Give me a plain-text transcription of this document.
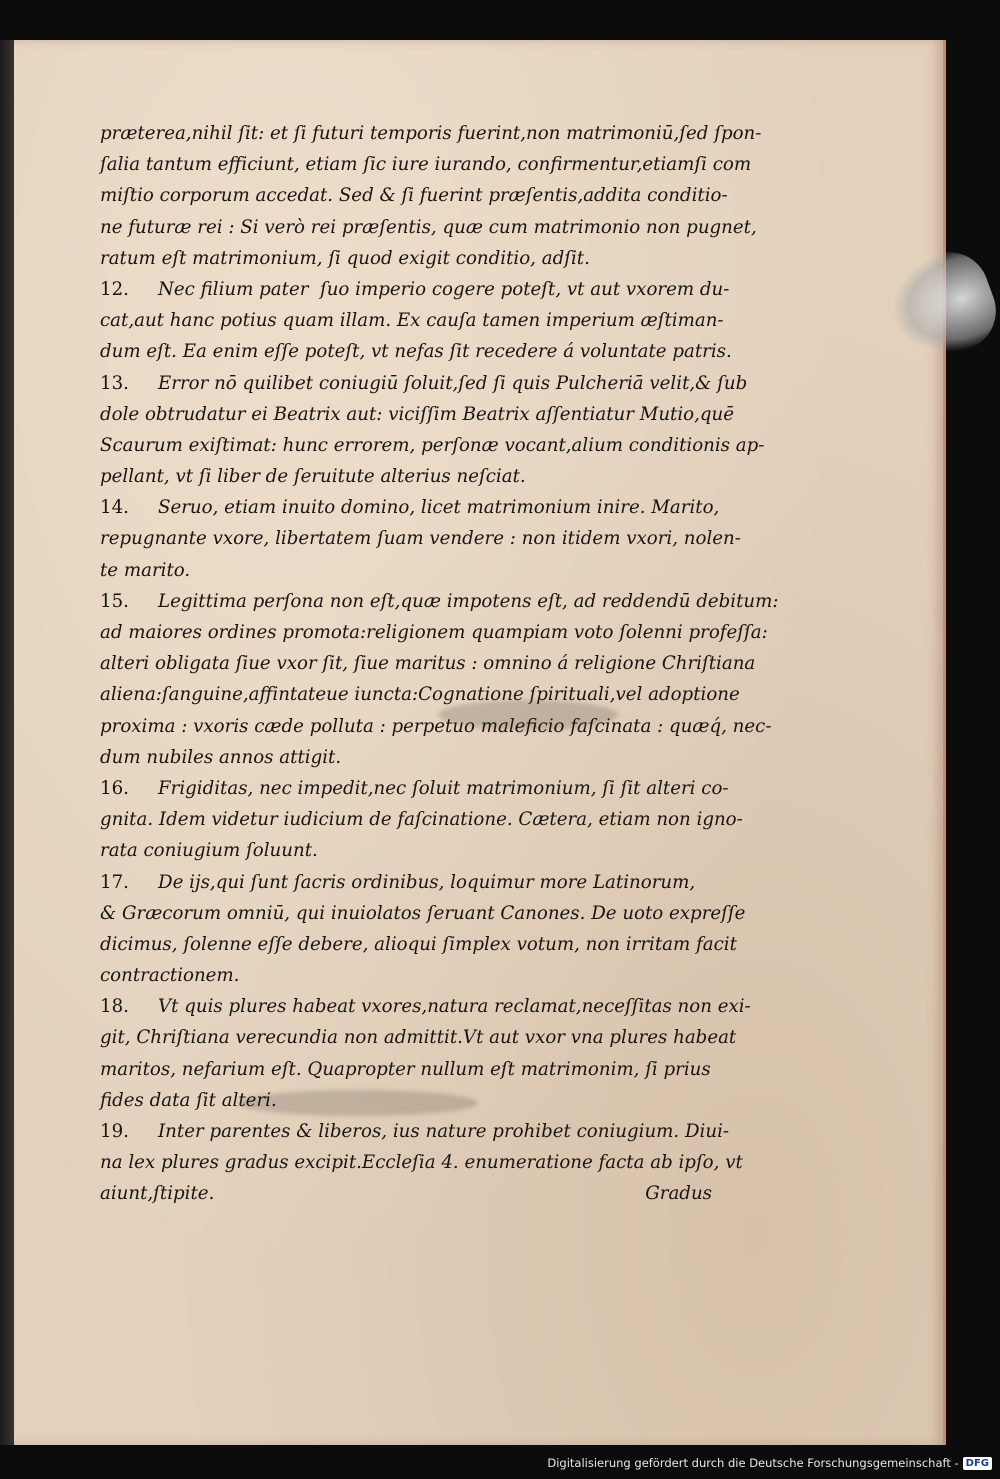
prӕterea,nihil ſit: et ſi futuri temporis fuerint,non matrimoniū,ſed ſpon-
ſalia tantum efficiunt, etiam ſic iure iurando, confirmentur,etiamſi com
miſtio corporum accedat. Sed & ſi fuerint prӕſentis,addita conditio-
ne futurӕ rei : Si verò rei prӕſentis, quӕ cum matrimonio non pugnet,
ratum eſt matrimonium, ſi quod exigit conditio, adſit.
12. Nec filium pater  ſuo imperio cogere poteſt, vt aut vxorem du-
cat,aut hanc potius quam illam. Ex cauſa tamen imperium ӕſtiman-
dum eſt. Ea enim eſſe poteſt, vt nefas ſit recedere á voluntate patris.
13. Error nō quilibet coniugiū ſoluit,ſed ſi quis Pulcheriā velit,& ſub
dole obtrudatur ei Beatrix aut: viciſſim Beatrix aſſentiatur Mutio,quē
Scaurum exiſtimat: hunc errorem, perſonӕ vocant,alium conditionis ap-
pellant, vt ſi liber de ſeruitute alterius neſciat.
14. Seruo, etiam inuito domino, licet matrimonium inire. Marito,
repugnante vxore, libertatem ſuam vendere : non itidem vxori, nolen-
te marito.
15. Legittima perſona non eſt,quӕ impotens eſt, ad reddendū debitum:
ad maiores ordines promota:religionem quampiam voto ſolenni profeſſa:
alteri obligata ſiue vxor ſit, ſiue maritus : omnino á religione Chriſtiana
aliena:ſanguine,affintateue iuncta:Cognatione ſpirituali,vel adoptione
proxima : vxoris cӕde polluta : perpetuo maleficio faſcinata : quӕq́, nec-
dum nubiles annos attigit.
16. Frigiditas, nec impedit,nec ſoluit matrimonium, ſi ſit alteri co-
gnita. Idem videtur iudicium de faſcinatione. Cӕtera, etiam non igno-
rata coniugium ſoluunt.
17. De ijs,qui ſunt ſacris ordinibus, loquimur more Latinorum,
& Grӕcorum omniū, qui inuiolatos ſeruant Canones. De uoto expreſſe
dicimus, ſolenne eſſe debere, alioqui ſimplex votum, non irritam facit
contractionem.
18. Vt quis plures habeat vxores,natura reclamat,neceſſitas non exi-
git, Chriſtiana verecundia non admittit.Vt aut vxor vna plures habeat
maritos, nefarium eſt. Quapropter nullum eſt matrimonim, ſi prius
fides data ſit alteri.
19. Inter parentes & liberos, ius nature prohibet coniugium. Diui-
na lex plures gradus excipit.Eccleſia 4. enumeratione facta ab ipſo, vt
aiunt,ſtipite.	Gradus
Digitalisierung gefördert durch die Deutsche Forschungsgemeinschaft - DFG
